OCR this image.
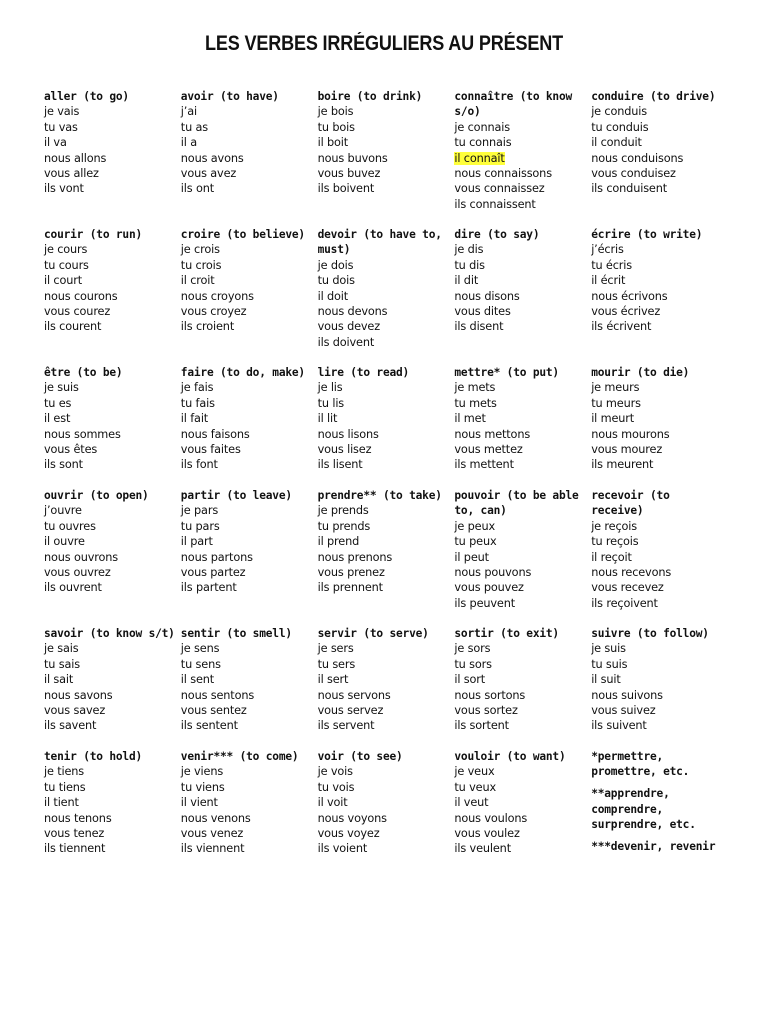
LES VERBES IRRÉGULIERS AU PRÉSENT
aller (to go)
je vais
tu vas
il va
nous allons
vous allez
ils vont
avoir (to have)
j’ai
tu as
il a
nous avons
vous avez
ils ont
boire (to drink)
je bois
tu bois
il boit
nous buvons
vous buvez
ils boivent
connaître (to know s/o)
je connais
tu connais
il connaît
nous connaissons
vous connaissez
ils connaissent
conduire (to drive)
je conduis
tu conduis
il conduit
nous conduisons
vous conduisez
ils conduisent
courir (to run)
je cours
tu cours
il court
nous courons
vous courez
ils courent
croire (to believe)
je crois
tu crois
il croit
nous croyons
vous croyez
ils croient
devoir (to have to, must)
je dois
tu dois
il doit
nous devons
vous devez
ils doivent
dire (to say)
je dis
tu dis
il dit
nous disons
vous dites
ils disent
écrire (to write)
j’écris
tu écris
il écrit
nous écrivons
vous écrivez
ils écrivent
être (to be)
je suis
tu es
il est
nous sommes
vous êtes
ils sont
faire (to do, make)
je fais
tu fais
il fait
nous faisons
vous faites
ils font
lire (to read)
je lis
tu lis
il lit
nous lisons
vous lisez
ils lisent
mettre* (to put)
je mets
tu mets
il met
nous mettons
vous mettez
ils mettent
mourir (to die)
je meurs
tu meurs
il meurt
nous mourons
vous mourez
ils meurent
ouvrir (to open)
j’ouvre
tu ouvres
il ouvre
nous ouvrons
vous ouvrez
ils ouvrent
partir (to leave)
je pars
tu pars
il part
nous partons
vous partez
ils partent
prendre** (to take)
je prends
tu prends
il prend
nous prenons
vous prenez
ils prennent
pouvoir (to be able to, can)
je peux
tu peux
il peut
nous pouvons
vous pouvez
ils peuvent
recevoir (to receive)
je reçois
tu reçois
il reçoit
nous recevons
vous recevez
ils reçoivent
savoir (to know s/t)
je sais
tu sais
il sait
nous savons
vous savez
ils savent
sentir (to smell)
je sens
tu sens
il sent
nous sentons
vous sentez
ils sentent
servir (to serve)
je sers
tu sers
il sert
nous servons
vous servez
ils servent
sortir (to exit)
je sors
tu sors
il sort
nous sortons
vous sortez
ils sortent
suivre (to follow)
je suis
tu suis
il suit
nous suivons
vous suivez
ils suivent
tenir (to hold)
je tiens
tu tiens
il tient
nous tenons
vous tenez
ils tiennent
venir*** (to come)
je viens
tu viens
il vient
nous venons
vous venez
ils viennent
voir (to see)
je vois
tu vois
il voit
nous voyons
vous voyez
ils voient
vouloir (to want)
je veux
tu veux
il veut
nous voulons
vous voulez
ils veulent
*permettre, promettre, etc.
**apprendre, comprendre, surprendre, etc.
***devenir, revenir
